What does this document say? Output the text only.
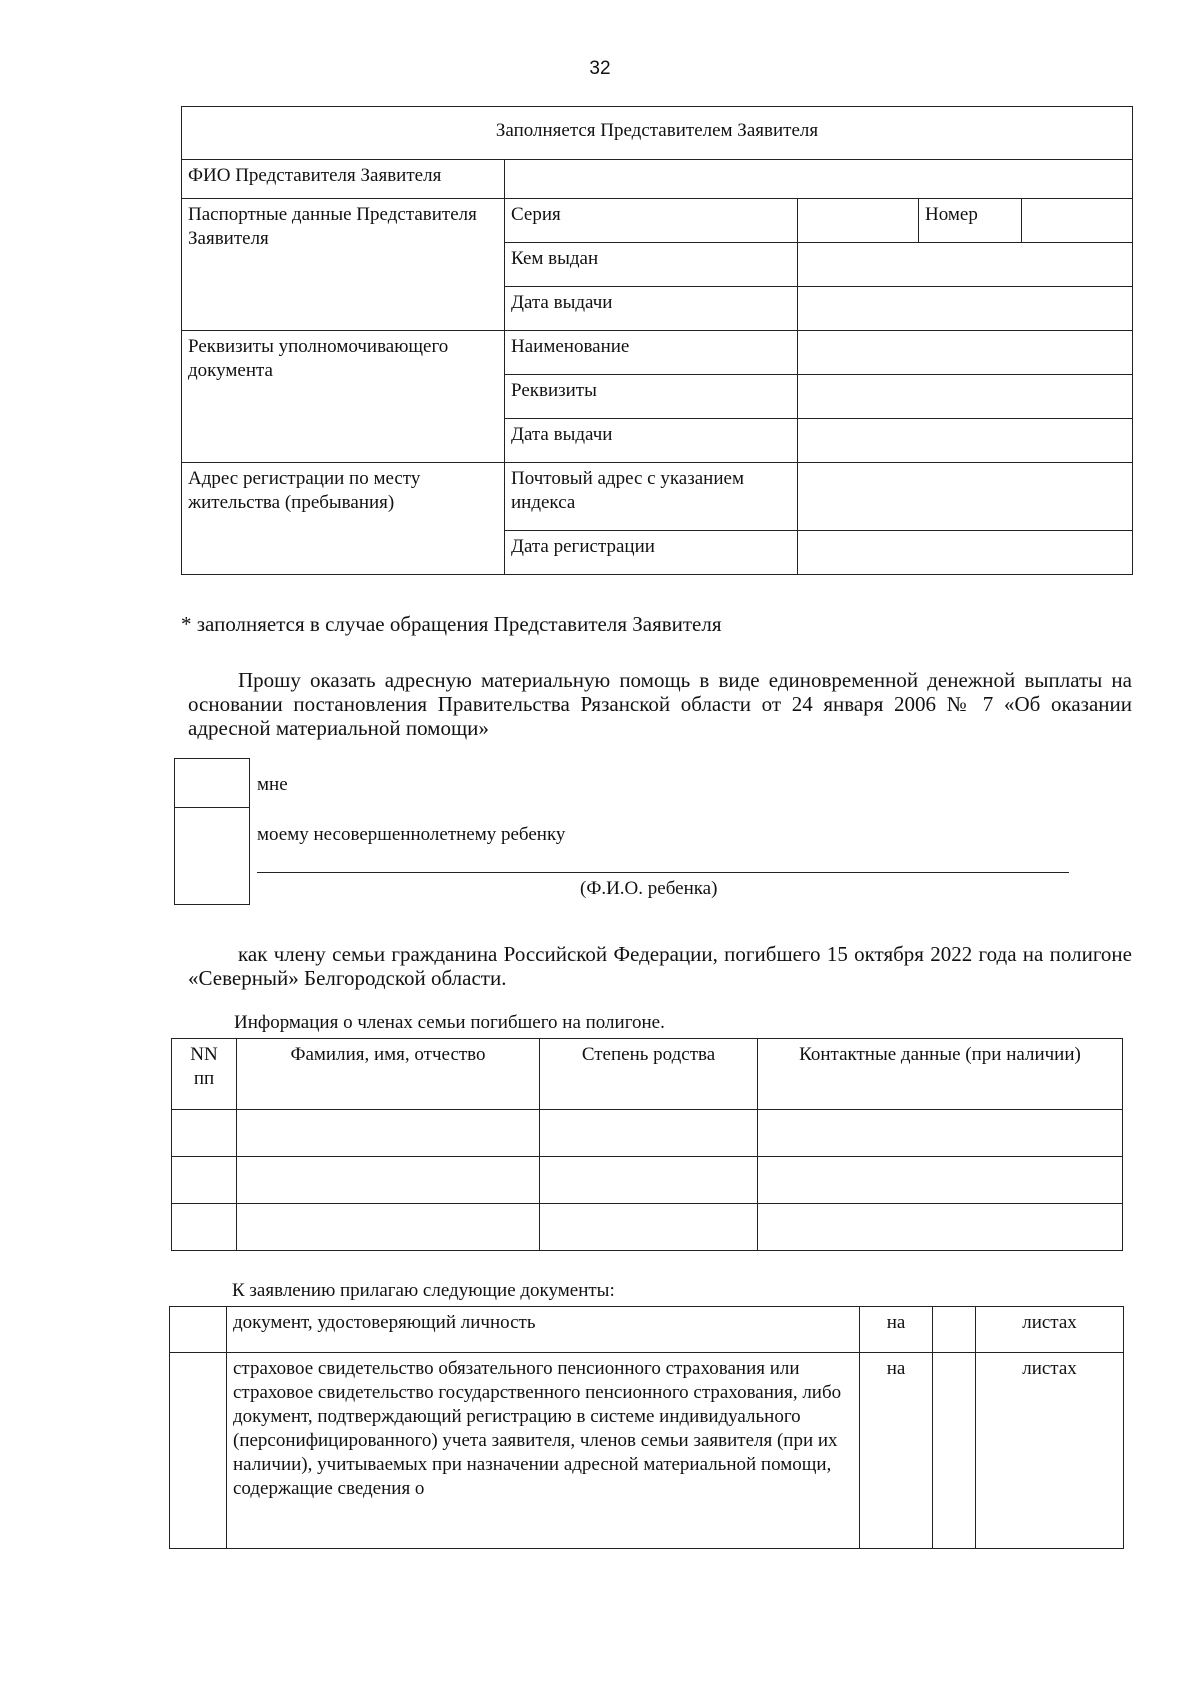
32
Заполняется Представителем Заявителя				
ФИО Представителя Заявителя				
Паспортные данные Представителя Заявителя	Серия		Номер	
	Кем выдан			
	Дата выдачи			
Реквизиты уполномочивающего документа	Наименование			
	Реквизиты			
	Дата выдачи			
Адрес регистрации по месту жительства (пребывания)	Почтовый адрес с указанием индекса			
	Дата регистрации			
* заполняется в случае обращения Представителя Заявителя
Прошу оказать адресную материальную помощь в виде единовременной денежной выплаты на основании постановления Правительства Рязанской области от 24 января 2006 № 7 «Об оказании адресной материальной помощи»
мне
моему несовершеннолетнему ребенку
(Ф.И.О. ребенка)
как члену семьи гражданина Российской Федерации, погибшего 15 октября 2022 года на полигоне «Северный» Белгородской области.
Информация о членах семьи погибшего на полигоне.
NN пп	Фамилия, имя, отчество	Степень родства	Контактные данные (при наличии)

К заявлению прилагаю следующие документы:
	документ, удостоверяющий личность	на		листах
	страховое свидетельство обязательного пенсионного страхования или страховое свидетельство государственного пенсионного страхования, либо документ, подтверждающий регистрацию в системе индивидуального (персонифицированного) учета заявителя, членов семьи заявителя (при их наличии), учитываемых при назначении адресной материальной помощи, содержащие сведения о	на		листах
